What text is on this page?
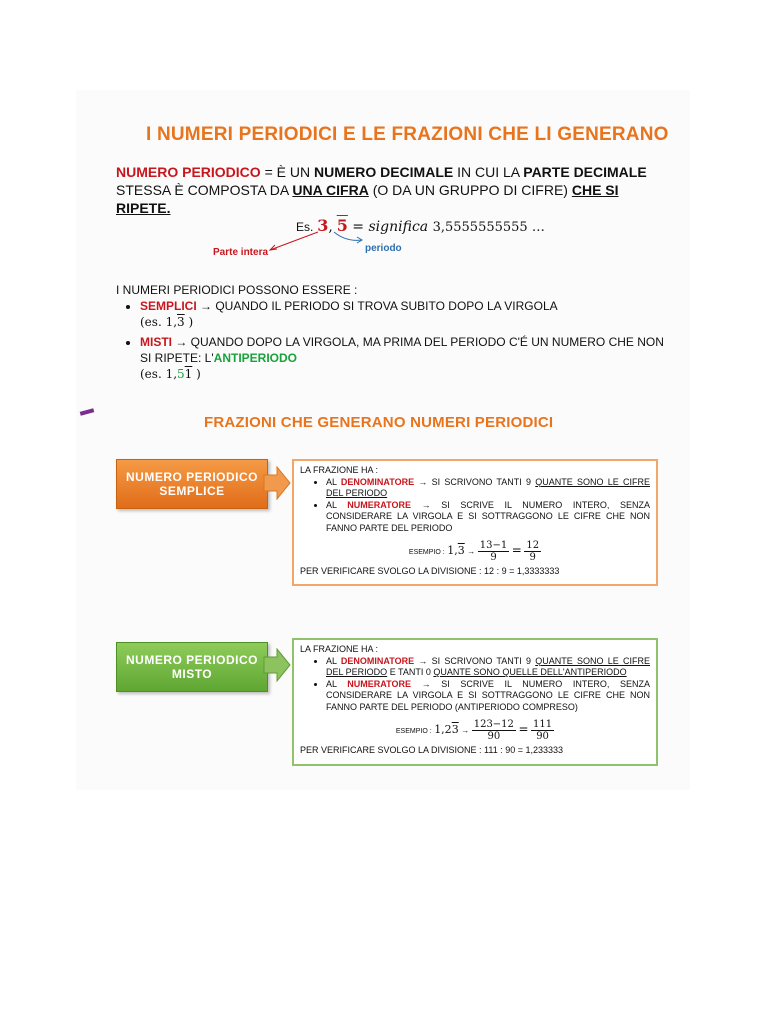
I NUMERI PERIODICI E LE FRAZIONI CHE LI GENERANO
NUMERO PERIODICO = È UN NUMERO DECIMALE IN CUI LA PARTE DECIMALE STESSA È COMPOSTA DA UNA CIFRA (O DA UN GRUPPO DI CIFRE) CHE SI RIPETE.
Es. 3, 5 = significa 3,5555555555 …
Parte intera	periodo
I NUMERI PERIODICI POSSONO ESSERE :
• SEMPLICI → QUANDO IL PERIODO SI TROVA SUBITO DOPO LA VIRGOLA
(es. 1,3 )
• MISTI → QUANDO DOPO LA VIRGOLA, MA PRIMA DEL PERIODO C'É UN NUMERO CHE NON SI RIPETE: L'ANTIPERIODO
(es. 1,51 )
FRAZIONI CHE GENERANO NUMERI PERIODICI
NUMERO PERIODICO
SEMPLICE
LA FRAZIONE HA :
• AL DENOMINATORE → SI SCRIVONO TANTI 9 QUANTE SONO LE CIFRE DEL PERIODO
• AL NUMERATORE → SI SCRIVE IL NUMERO INTERO, SENZA CONSIDERARE LA VIRGOLA E SI SOTTRAGGONO LE CIFRE CHE NON FANNO PARTE DEL PERIODO
ESEMPIO : $1,3 \to \frac{13-1}{9} = \frac{12}{9}$
PER VERIFICARE SVOLGO LA DIVISIONE : 12 : 9 = 1,3333333
NUMERO PERIODICO
MISTO
LA FRAZIONE HA :
• AL DENOMINATORE → SI SCRIVONO TANTI 9 QUANTE SONO LE CIFRE DEL PERIODO E TANTI 0 QUANTE SONO QUELLE DELL'ANTIPERIODO
• AL NUMERATORE → SI SCRIVE IL NUMERO INTERO, SENZA CONSIDERARE LA VIRGOLA E SI SOTTRAGGONO LE CIFRE CHE NON FANNO PARTE DEL PERIODO (ANTIPERIODO COMPRESO)
ESEMPIO : $1,23 \to \frac{123-12}{90} = \frac{111}{90}$
PER VERIFICARE SVOLGO LA DIVISIONE : 111 : 90 = 1,233333
